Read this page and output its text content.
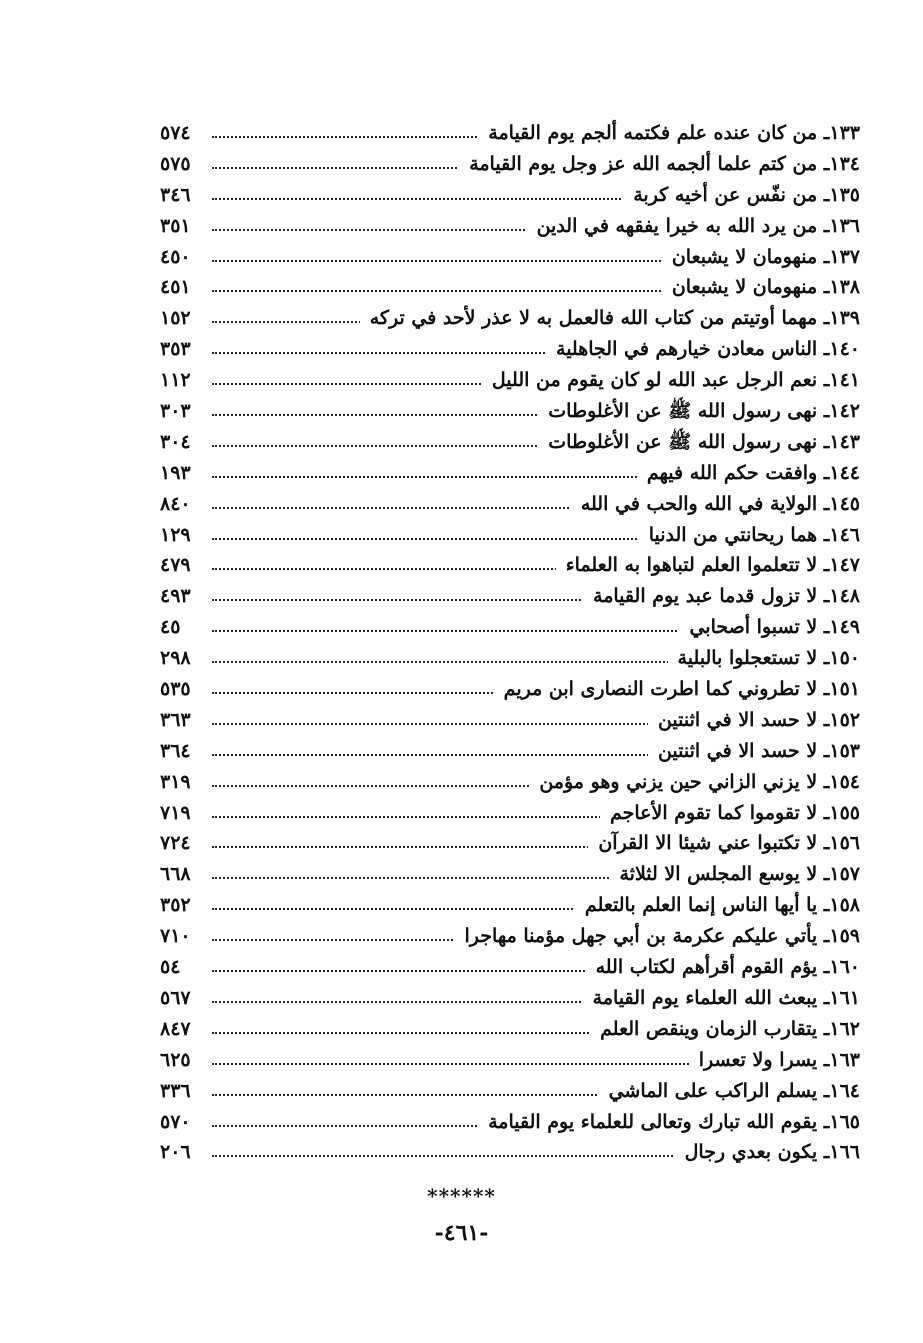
١٣٣ـ من كان عنده علم فكتمه ألجم يوم القيامة
٥٧٤
١٣٤ـ من كتم علما ألجمه الله عز وجل يوم القيامة
٥٧٥
١٣٥ـ من نفّس عن أخيه كربة
٣٤٦
١٣٦ـ من يرد الله به خيرا يفقهه في الدين
٣٥١
١٣٧ـ منهومان لا يشبعان
٤٥٠
١٣٨ـ منهومان لا يشبعان
٤٥١
١٣٩ـ مهما أوتيتم من كتاب الله فالعمل به لا عذر لأحد في تركه
١٥٢
١٤٠ـ الناس معادن خيارهم في الجاهلية
٣٥٣
١٤١ـ نعم الرجل عبد الله لو كان يقوم من الليل
١١٢
١٤٢ـ نهى رسول الله ﷺ عن الأغلوطات
٣٠٣
١٤٣ـ نهى رسول الله ﷺ عن الأغلوطات
٣٠٤
١٤٤ـ وافقت حكم الله فيهم
١٩٣
١٤٥ـ الولاية في الله والحب في الله
٨٤٠
١٤٦ـ هما ريحانتي من الدنيا
١٢٩
١٤٧ـ لا تتعلموا العلم لتباهوا به العلماء
٤٧٩
١٤٨ـ لا تزول قدما عبد يوم القيامة
٤٩٣
١٤٩ـ لا تسبوا أصحابي
٤٥
١٥٠ـ لا تستعجلوا بالبلية
٢٩٨
١٥١ـ لا تطروني كما اطرت النصارى ابن مريم
٥٣٥
١٥٢ـ لا حسد الا في اثنتين
٣٦٣
١٥٣ـ لا حسد الا في اثنتين
٣٦٤
١٥٤ـ لا يزني الزاني حين يزني وهو مؤمن
٣١٩
١٥٥ـ لا تقوموا كما تقوم الأعاجم
٧١٩
١٥٦ـ لا تكتبوا عني شيئا الا القرآن
٧٢٤
١٥٧ـ لا يوسع المجلس الا لثلاثة
٦٦٨
١٥٨ـ يا أيها الناس إنما العلم بالتعلم
٣٥٢
١٥٩ـ يأتي عليكم عكرمة بن أبي جهل مؤمنا مهاجرا
٧١٠
١٦٠ـ يؤم القوم أقرأهم لكتاب الله
٥٤
١٦١ـ يبعث الله العلماء يوم القيامة
٥٦٧
١٦٢ـ يتقارب الزمان وينقص العلم
٨٤٧
١٦٣ـ يسرا ولا تعسرا
٦٢٥
١٦٤ـ يسلم الراكب على الماشي
٣٣٦
١٦٥ـ يقوم الله تبارك وتعالى للعلماء يوم القيامة
٥٧٠
١٦٦ـ يكون بعدي رجال
٢٠٦
******
-٤٦١-
